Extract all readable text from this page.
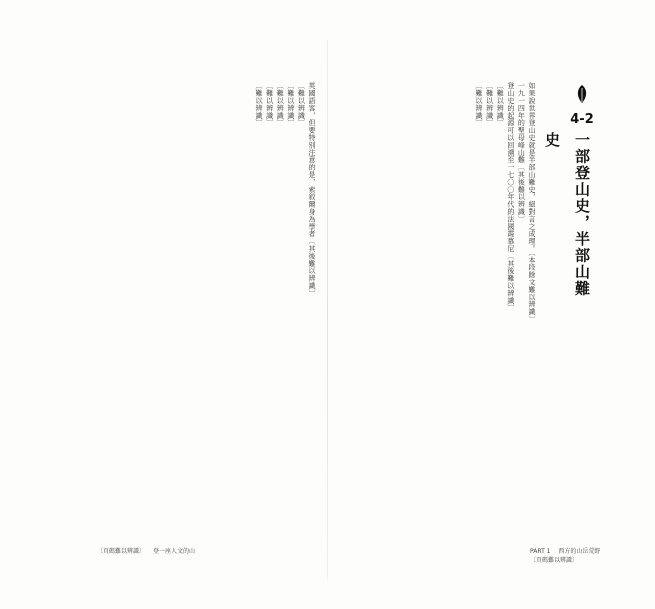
4-2
一部登山史，半部山難史

如果說世界登山史就是半部山難史，絕對言之成理。〔本段餘文難以辨識〕

一九一四年的聖母峰山難〔其後難以辨識〕

登山史的起源可以回溯至一七〇〇年代的法國霞慕尼〔其後難以辨識〕

〔難以辨識〕

〔難以辨識〕

〔難以辨識〕

英國語客，但要特別注意的是，索敘爾身為學者〔其後難以辨識〕

〔難以辨識〕

〔難以辨識〕

〔難以辨識〕

〔難以辨識〕

〔難以辨識〕

〔頁碼難以辨識〕 登一座人文的山	PART 1 西方的山岳荒野 〔頁碼難以辨識〕
